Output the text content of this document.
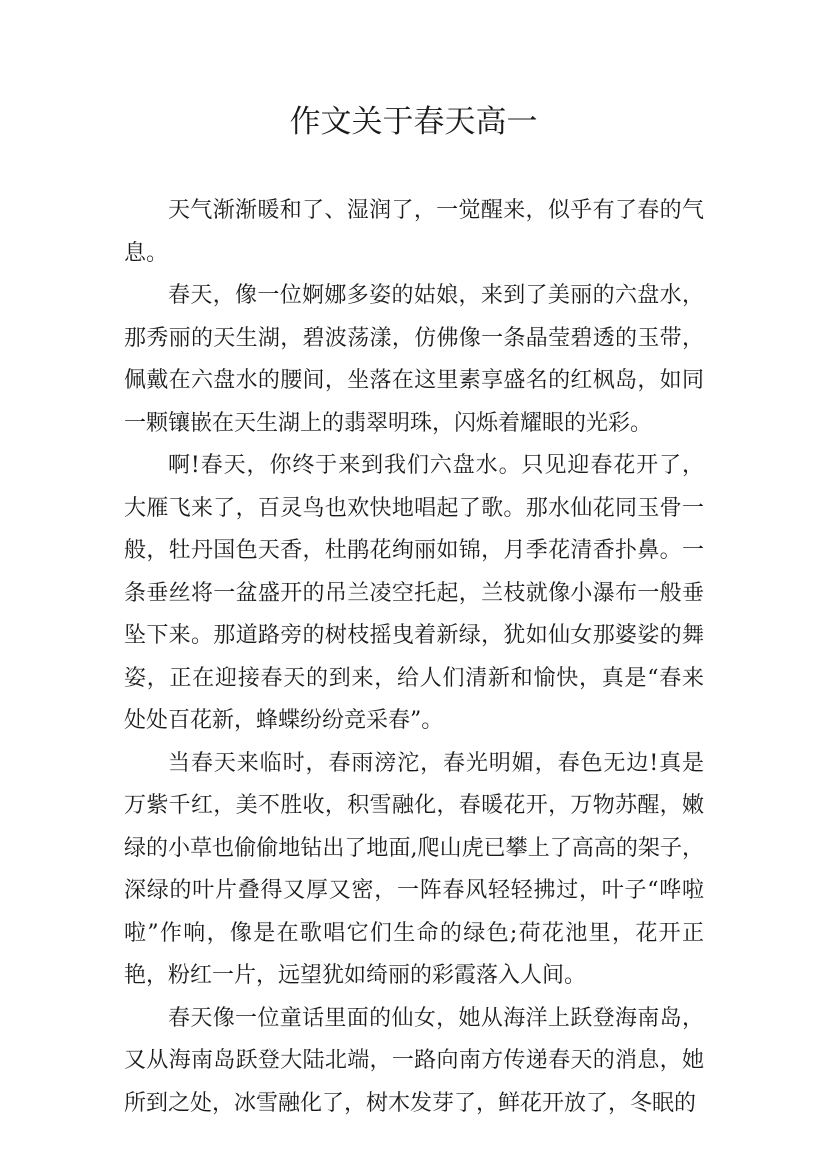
作文关于春天高一

天气渐渐暖和了、湿润了，一觉醒来，似乎有了春的气息。

春天，像一位婀娜多姿的姑娘，来到了美丽的六盘水，那秀丽的天生湖，碧波荡漾，仿佛像一条晶莹碧透的玉带，佩戴在六盘水的腰间，坐落在这里素享盛名的红枫岛，如同一颗镶嵌在天生湖上的翡翠明珠，闪烁着耀眼的光彩。

啊!春天，你终于来到我们六盘水。只见迎春花开了，大雁飞来了，百灵鸟也欢快地唱起了歌。那水仙花同玉骨一般，牡丹国色天香，杜鹃花绚丽如锦，月季花清香扑鼻。一条垂丝将一盆盛开的吊兰凌空托起，兰枝就像小瀑布一般垂坠下来。那道路旁的树枝摇曳着新绿，犹如仙女那婆娑的舞姿，正在迎接春天的到来，给人们清新和愉快，真是“春来处处百花新，蜂蝶纷纷竞采春”。

当春天来临时，春雨滂沱，春光明媚，春色无边!真是万紫千红，美不胜收，积雪融化，春暖花开，万物苏醒，嫩绿的小草也偷偷地钻出了地面,爬山虎已攀上了高高的架子，深绿的叶片叠得又厚又密，一阵春风轻轻拂过，叶子“哗啦啦”作响，像是在歌唱它们生命的绿色;荷花池里，花开正艳，粉红一片，远望犹如绮丽的彩霞落入人间。

春天像一位童话里面的仙女，她从海洋上跃登海南岛，又从海南岛跃登大陆北端，一路向南方传递春天的消息，她所到之处，冰雪融化了，树木发芽了，鲜花开放了，冬眠的
